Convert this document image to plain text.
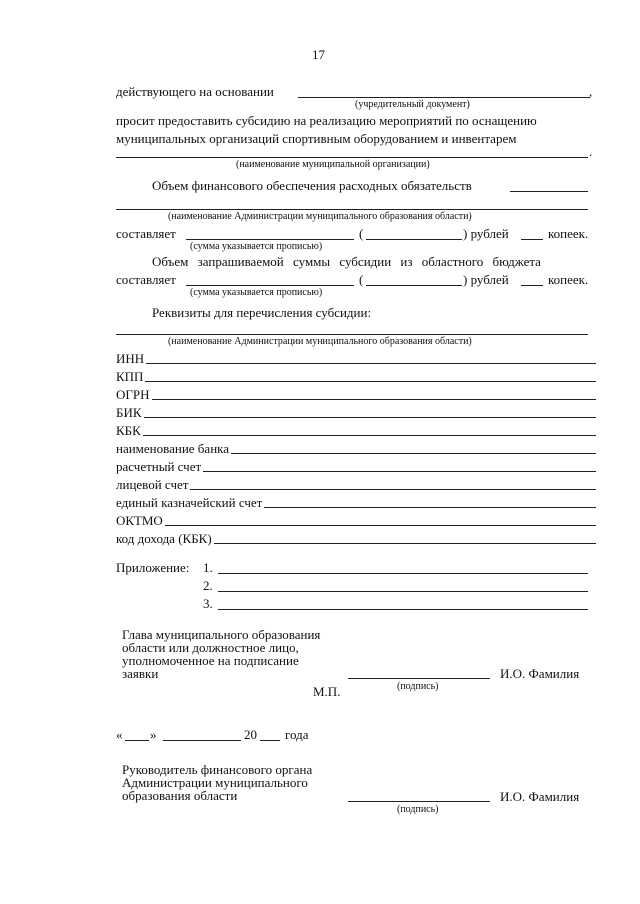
17
действующего на основании	,
(учредительный документ)
просит предоставить субсидию на реализацию мероприятий по оснащению
муниципальных организаций спортивным оборудованием и инвентарем
.
(наименование муниципальной организации)
Объем финансового обеспечения расходных обязательств
(наименование Администрации муниципального образования области)
составляет	(	) рублей	копеек.
(сумма указывается прописью)
Объем запрашиваемой суммы субсидии из областного бюджета
составляет	(	) рублей	копеек.
(сумма указывается прописью)
Реквизиты для перечисления субсидии:
(наименование Администрации муниципального образования области)
ИНН
КПП
ОГРН
БИК
КБК
наименование банка
расчетный счет
лицевой счет
единый казначейский счет
ОКТМО
код дохода (КБК)
Приложение: 1.
2.
3.
Глава муниципального образования
области или должностное лицо,
уполномоченное на подписание
заявки	И.О. Фамилия
(подпись)
М.П.
« »	20 года
Руководитель финансового органа
Администрации муниципального
образования области	И.О. Фамилия
(подпись)
